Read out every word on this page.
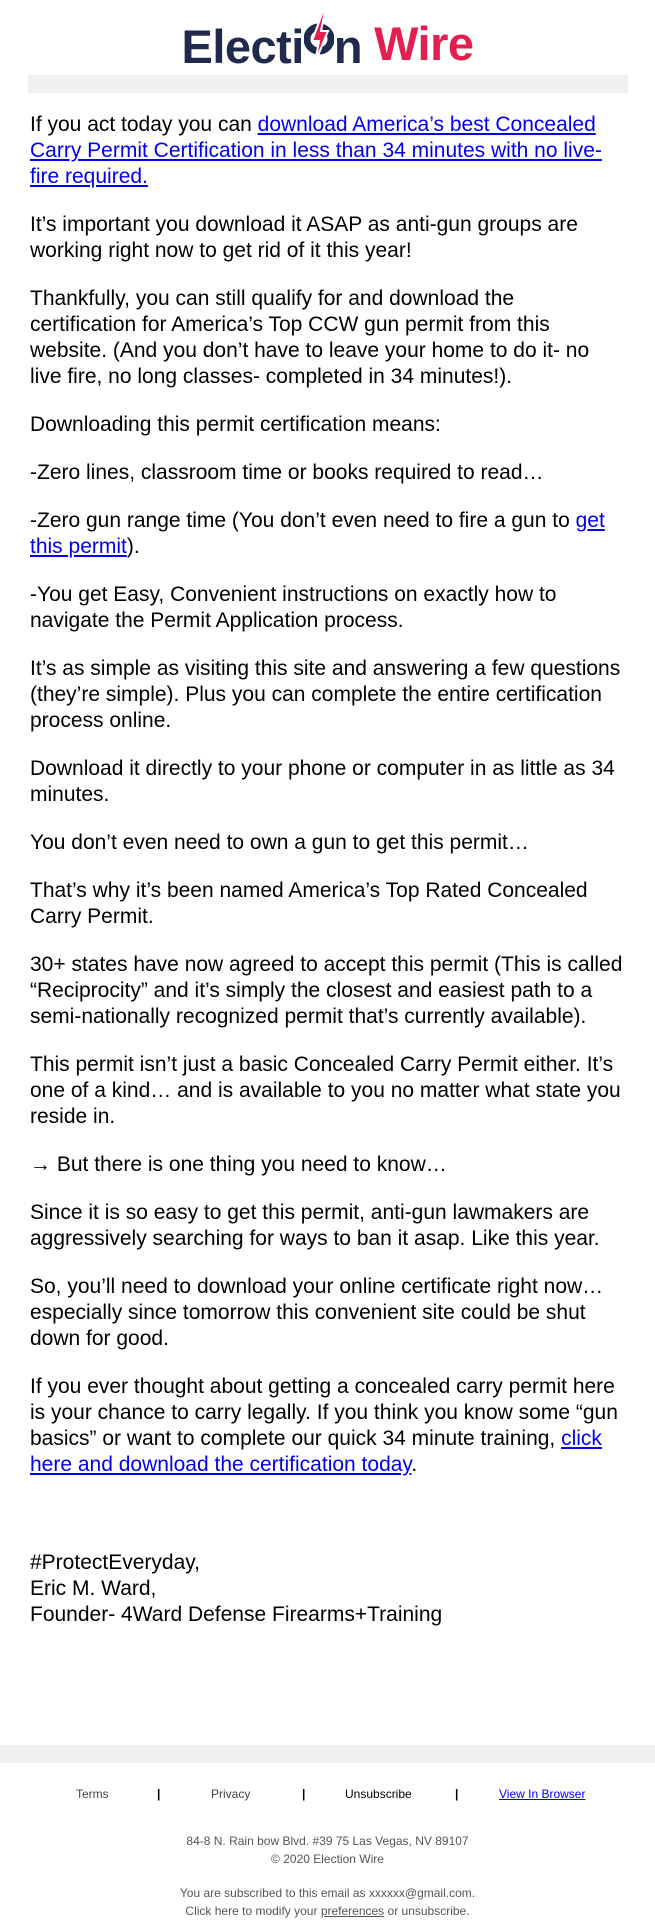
Electi n Wire

If you act today you can download America’s best Concealed Carry Permit Certification in less than 34 minutes with no live-fire required.

It’s important you download it ASAP as anti-gun groups are working right now to get rid of it this year!

Thankfully, you can still qualify for and download the certification for America’s Top CCW gun permit from this website. (And you don’t have to leave your home to do it- no live fire, no long classes- completed in 34 minutes!).

Downloading this permit certification means:

-Zero lines, classroom time or books required to read…

-Zero gun range time (You don’t even need to fire a gun to get this permit).

-You get Easy, Convenient instructions on exactly how to navigate the Permit Application process.

It’s as simple as visiting this site and answering a few questions (they’re simple). Plus you can complete the entire certification process online.

Download it directly to your phone or computer in as little as 34 minutes.

You don’t even need to own a gun to get this permit…

That’s why it’s been named America’s Top Rated Concealed Carry Permit.

30+ states have now agreed to accept this permit (This is called “Reciprocity” and it’s simply the closest and easiest path to a semi-nationally recognized permit that’s currently available).

This permit isn’t just a basic Concealed Carry Permit either. It’s one of a kind… and is available to you no matter what state you reside in.

→ But there is one thing you need to know…

Since it is so easy to get this permit, anti-gun lawmakers are aggressively searching for ways to ban it asap. Like this year.

So, you’ll need to download your online certificate right now… especially since tomorrow this convenient site could be shut down for good.

If you ever thought about getting a concealed carry permit here is your chance to carry legally. If you think you know some “gun basics” or want to complete our quick 34 minute training, click here and download the certification today.

#ProtectEveryday,

Eric M. Ward,

Founder- 4Ward Defense Firearms+Training

Terms	|	Privacy	|	Unsubscribe	|	View In Browser
84-8 N. Rain bow Blvd. #39 75 Las Vegas, NV 89107
© 2020 Election Wire
You are subscribed to this email as xxxxxx@gmail.com.
Click here to modify your preferences or unsubscribe.
